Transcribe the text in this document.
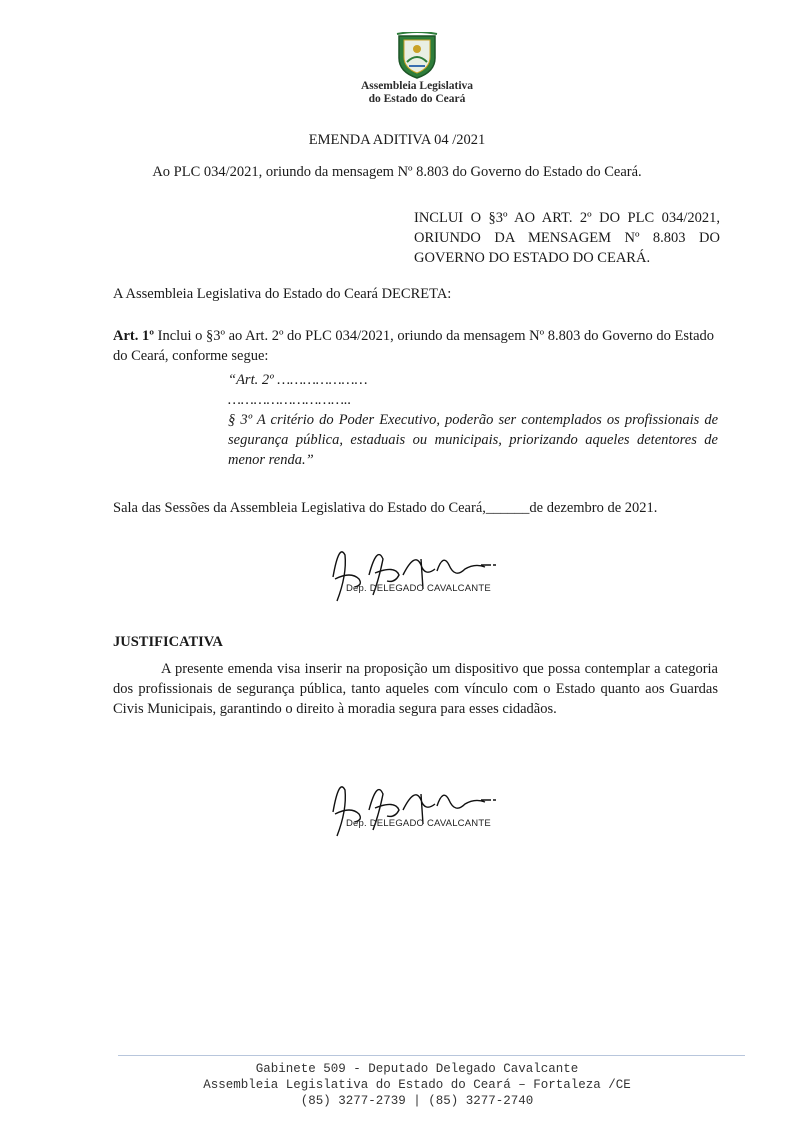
Assembleia Legislativa
do Estado do Ceará
EMENDA ADITIVA 04 /2021
Ao PLC 034/2021, oriundo da mensagem Nº 8.803 do Governo do Estado do Ceará.
INCLUI O §3º AO ART. 2º DO PLC 034/2021, ORIUNDO DA MENSAGEM Nº 8.803 DO GOVERNO DO ESTADO DO CEARÁ.
A Assembleia Legislativa do Estado do Ceará DECRETA:
Art. 1º Inclui o §3º ao Art. 2º do PLC 034/2021, oriundo da mensagem Nº 8.803 do Governo do Estado do Ceará, conforme segue:
“Art. 2º …………………
………………………..
§ 3º A critério do Poder Executivo, poderão ser contemplados os profissionais de segurança pública, estaduais ou municipais, priorizando aqueles detentores de menor renda.”
Sala das Sessões da Assembleia Legislativa do Estado do Ceará,______de dezembro de 2021.
Dep. DELEGADO CAVALCANTE
JUSTIFICATIVA
A presente emenda visa inserir na proposição um dispositivo que possa contemplar a categoria dos profissionais de segurança pública, tanto aqueles com vínculo com o Estado quanto aos Guardas Civis Municipais, garantindo o direito à moradia segura para esses cidadãos.
Dep. DELEGADO CAVALCANTE
Gabinete 509 - Deputado Delegado Cavalcante
Assembleia Legislativa do Estado do Ceará – Fortaleza /CE
(85) 3277-2739 | (85) 3277-2740
